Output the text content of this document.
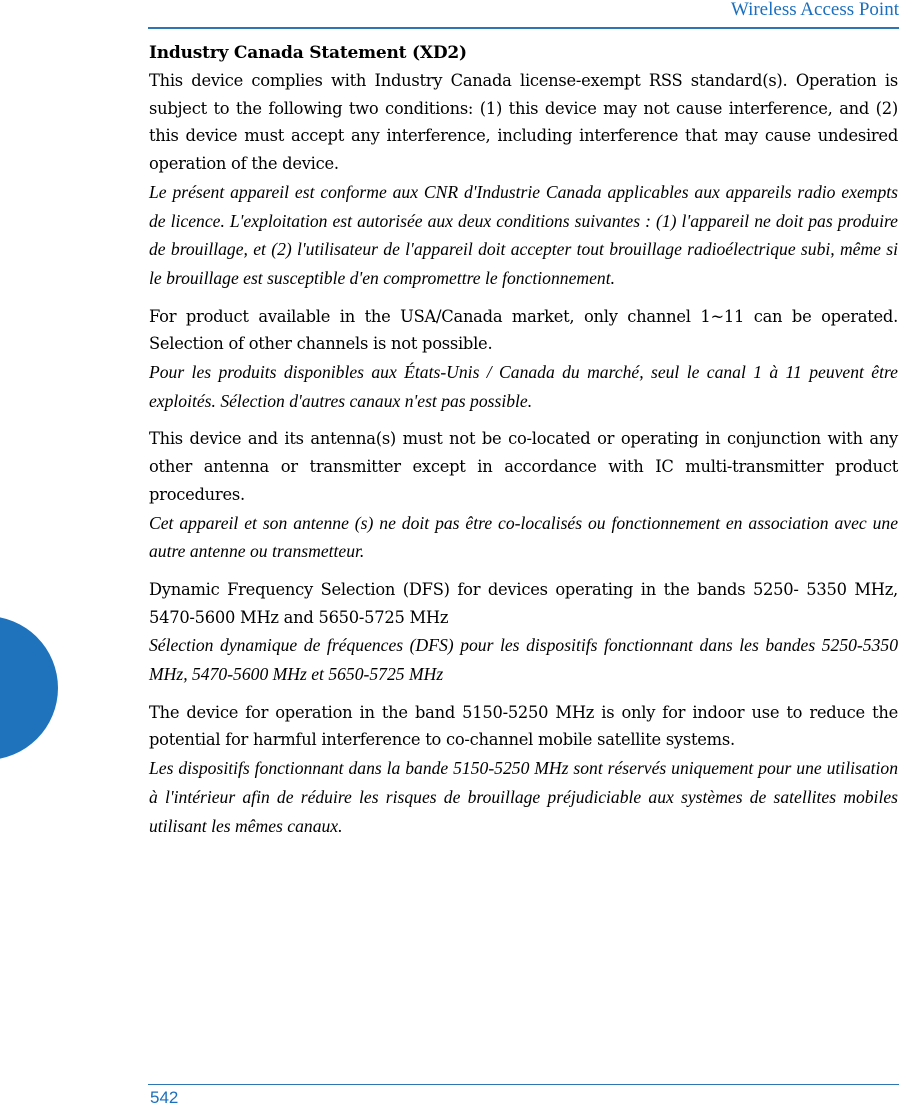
Wireless Access Point
Industry Canada Statement (XD2)

This device complies with Industry Canada license-exempt RSS standard(s). Operation is subject to the following two conditions: (1) this device may not cause interference, and (2) this device must accept any interference, including interference that may cause undesired operation of the device.

Le présent appareil est conforme aux CNR d'Industrie Canada applicables aux appareils radio exempts de licence. L'exploitation est autorisée aux deux conditions suivantes : (1) l'appareil ne doit pas produire de brouillage, et (2) l'utilisateur de l'appareil doit accepter tout brouillage radioélectrique subi, même si le brouillage est susceptible d'en compromettre le fonctionnement.

For product available in the USA/Canada market, only channel 1~11 can be operated. Selection of other channels is not possible.

Pour les produits disponibles aux États-Unis / Canada du marché, seul le canal 1 à 11 peuvent être exploités. Sélection d'autres canaux n'est pas possible.

This device and its antenna(s) must not be co-located or operating in conjunction with any other antenna or transmitter except in accordance with IC multi-transmitter product procedures.

Cet appareil et son antenne (s) ne doit pas être co-localisés ou fonctionnement en association avec une autre antenne ou transmetteur.

Dynamic Frequency Selection (DFS) for devices operating in the bands 5250- 5350 MHz, 5470-5600 MHz and 5650-5725 MHz

Sélection dynamique de fréquences (DFS) pour les dispositifs fonctionnant dans les bandes 5250-5350 MHz, 5470-5600 MHz et 5650-5725 MHz

The device for operation in the band 5150-5250 MHz is only for indoor use to reduce the potential for harmful interference to co-channel mobile satellite systems.

Les dispositifs fonctionnant dans la bande 5150-5250 MHz sont réservés uniquement pour une utilisation à l'intérieur afin de réduire les risques de brouillage préjudiciable aux systèmes de satellites mobiles utilisant les mêmes canaux.

542
